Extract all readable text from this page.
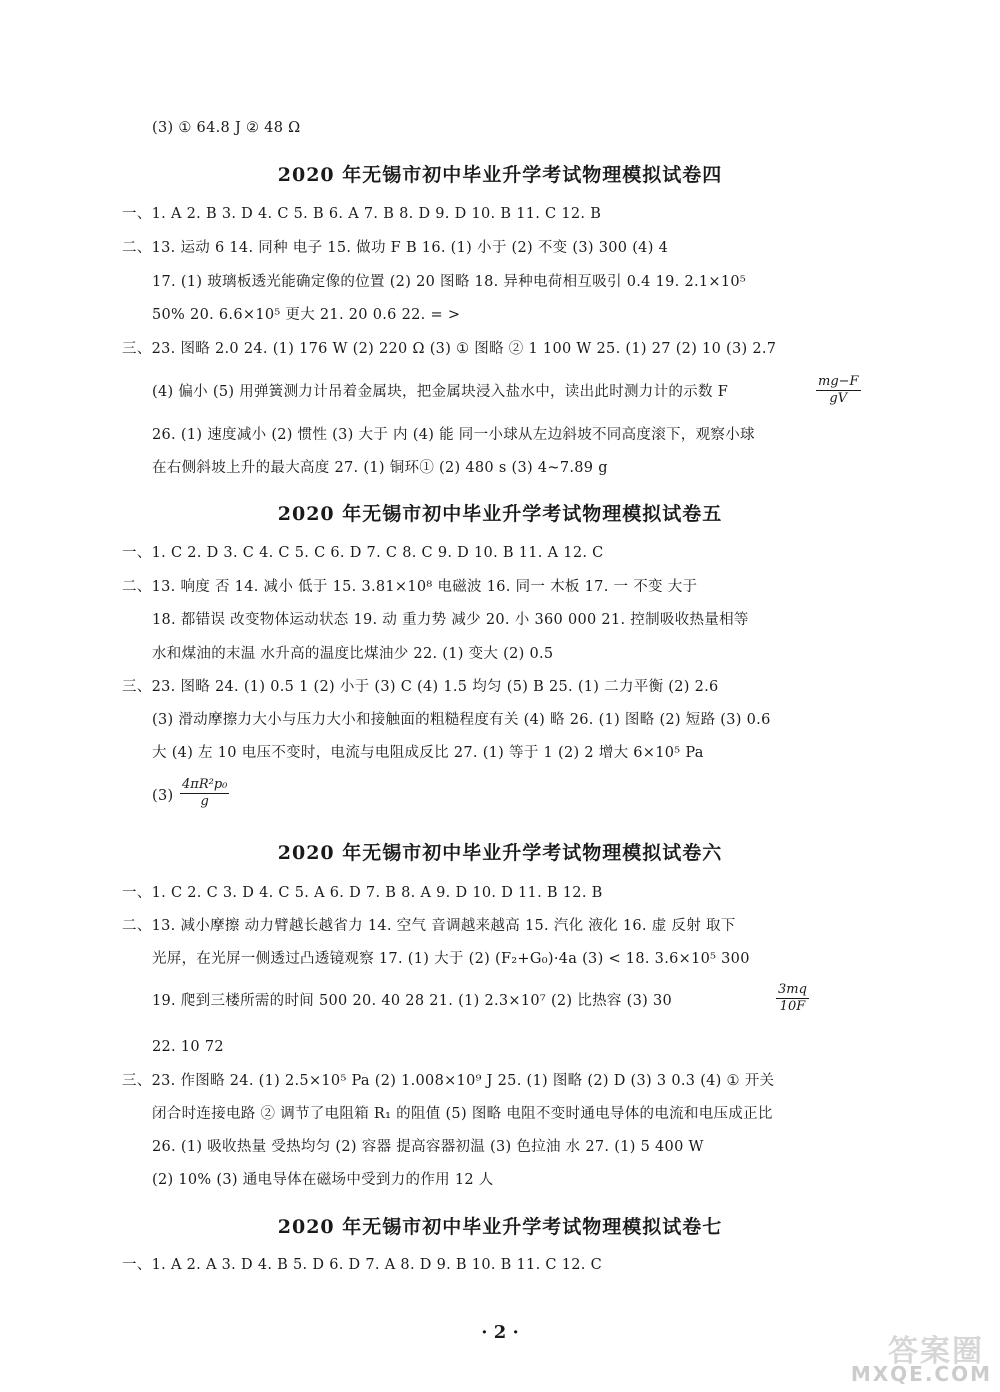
(3) ① 64.8 J ② 48 Ω
2020 年无锡市初中毕业升学考试物理模拟试卷四
一、1. A 2. B 3. D 4. C 5. B 6. A 7. B 8. D 9. D 10. B 11. C 12. B
二、13. 运动 6 14. 同种 电子 15. 做功 F B 16. (1) 小于 (2) 不变 (3) 300 (4) 4
17. (1) 玻璃板透光能确定像的位置 (2) 20 图略 18. 异种电荷相互吸引 0.4 19. 2.1×10⁵
50% 20. 6.6×10⁵ 更大 21. 20 0.6 22. = >
三、23. 图略 2.0 24. (1) 176 W (2) 220 Ω (3) ① 图略 ② 1 100 W 25. (1) 27 (2) 10 (3) 2.7
(4) 偏小 (5) 用弹簧测力计吊着金属块，把金属块浸入盐水中，读出此时测力计的示数 F	$\frac{mg-F}{gV}$
26. (1) 速度减小 (2) 惯性 (3) 大于 内 (4) 能 同一小球从左边斜坡不同高度滚下，观察小球
在右侧斜坡上升的最大高度 27. (1) 铜环① (2) 480 s (3) 4~7.89 g
2020 年无锡市初中毕业升学考试物理模拟试卷五
一、1. C 2. D 3. C 4. C 5. C 6. D 7. C 8. C 9. D 10. B 11. A 12. C
二、13. 响度 否 14. 减小 低于 15. 3.81×10⁸ 电磁波 16. 同一 木板 17. 一 不变 大于
18. 都错误 改变物体运动状态 19. 动 重力势 减少 20. 小 360 000 21. 控制吸收热量相等
水和煤油的末温 水升高的温度比煤油少 22. (1) 变大 (2) 0.5
三、23. 图略 24. (1) 0.5 1 (2) 小于 (3) C (4) 1.5 均匀 (5) B 25. (1) 二力平衡 (2) 2.6
(3) 滑动摩擦力大小与压力大小和接触面的粗糙程度有关 (4) 略 26. (1) 图略 (2) 短路 (3) 0.6
大 (4) 左 10 电压不变时，电流与电阻成反比 27. (1) 等于 1 (2) 2 增大 6×10⁵ Pa
$(3) \frac{\text{4πR²p₀}}{g}$
2020 年无锡市初中毕业升学考试物理模拟试卷六
一、1. C 2. C 3. D 4. C 5. A 6. D 7. B 8. A 9. D 10. D 11. B 12. B
二、13. 减小摩擦 动力臂越长越省力 14. 空气 音调越来越高 15. 汽化 液化 16. 虚 反射 取下
光屏，在光屏一侧透过凸透镜观察 17. (1) 大于 (2) (F₂+G₀)·4a (3) < 18. 3.6×10⁵ 300
19. 爬到三楼所需的时间 500 20. 40 28 21. (1) 2.3×10⁷ (2) 比热容 (3) 30	$\frac{3mq}{10F}$
22. 10 72
三、23. 作图略 24. (1) 2.5×10⁵ Pa (2) 1.008×10⁹ J 25. (1) 图略 (2) D (3) 3 0.3 (4) ① 开关
闭合时连接电路 ② 调节了电阻箱 R₁ 的阻值 (5) 图略 电阻不变时通电导体的电流和电压成正比
26. (1) 吸收热量 受热均匀 (2) 容器 提高容器初温 (3) 色拉油 水 27. (1) 5 400 W
(2) 10% (3) 通电导体在磁场中受到力的作用 12 人
2020 年无锡市初中毕业升学考试物理模拟试卷七
一、1. A 2. A 3. D 4. B 5. D 6. D 7. A 8. D 9. B 10. B 11. C 12. C
· 2 ·
答案圈
MXQE.COM
